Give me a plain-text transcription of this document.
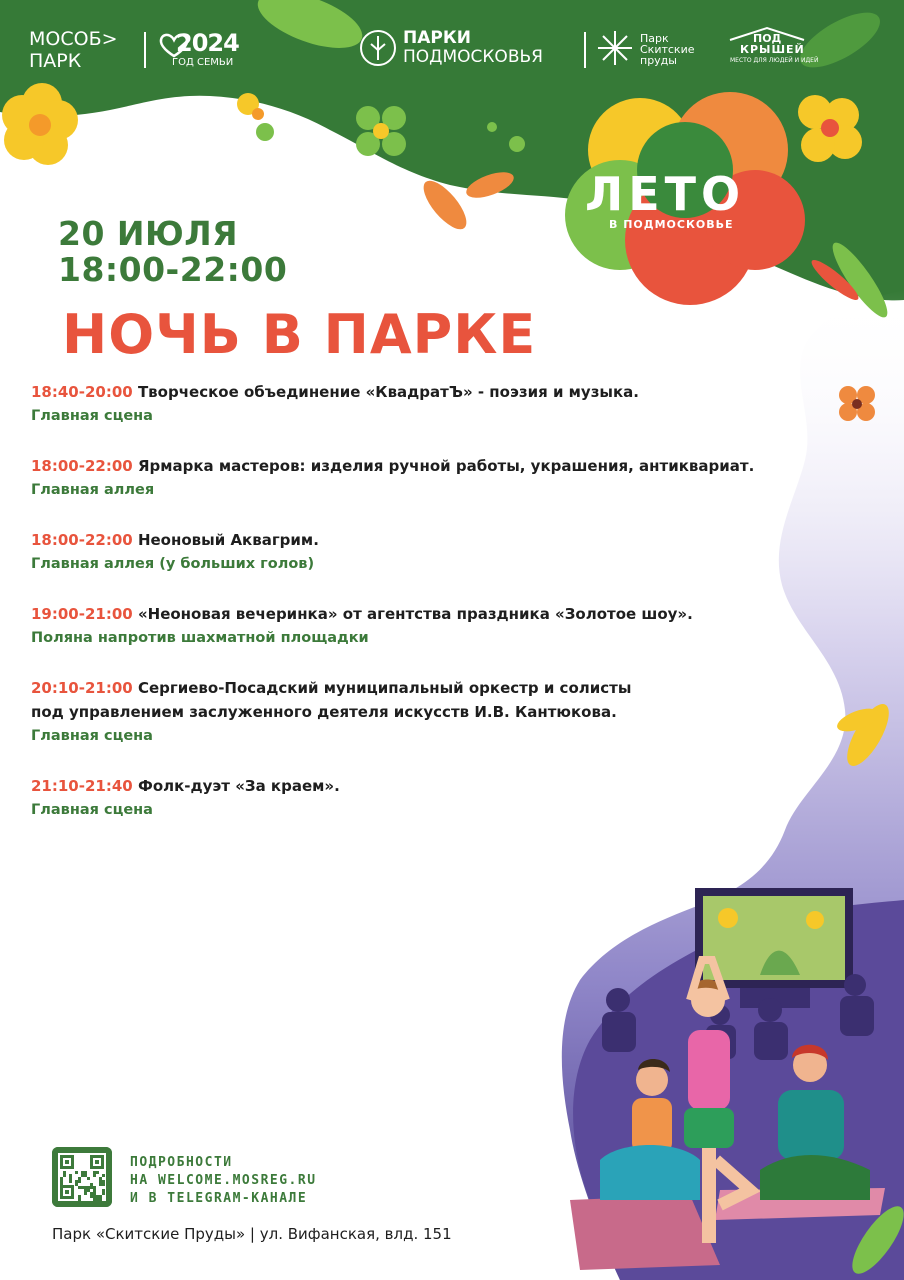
МОСОБ>
ПАРК
2024
ГОД СЕМЬИ
ПАРКИ
ПОДМОСКОВЬЯ
Парк
Скитские
пруды
ПОД
КРЫШЕЙ
МЕСТО ДЛЯ ЛЮДЕЙ И ИДЕЙ
ЛЕТО
В ПОДМОСКОВЬЕ
20 ИЮЛЯ
18:00-22:00
НОЧЬ В ПАРКЕ
18:40-20:00 Творческое объединение «КвадратЪ» - поэзия и музыка.
Главная сцена
18:00-22:00 Ярмарка мастеров: изделия ручной работы, украшения, антиквариат.
Главная аллея
18:00-22:00 Неоновый Аквагрим.
Главная аллея (у больших голов)
19:00-21:00 «Неоновая вечеринка» от агентства праздника «Золотое шоу».
Поляна напротив шахматной площадки
20:10-21:00 Сергиево-Посадский муниципальный оркестр и солисты
под управлением заслуженного деятеля искусств И.В. Кантюкова.
Главная сцена
21:10-21:40 Фолк-дуэт «За краем».
Главная сцена
ПОДРОБНОСТИ
НА WELCOME.MOSREG.RU
И В TELEGRAM-КАНАЛЕ
Парк «Скитские Пруды» | ул. Вифанская, влд. 151
